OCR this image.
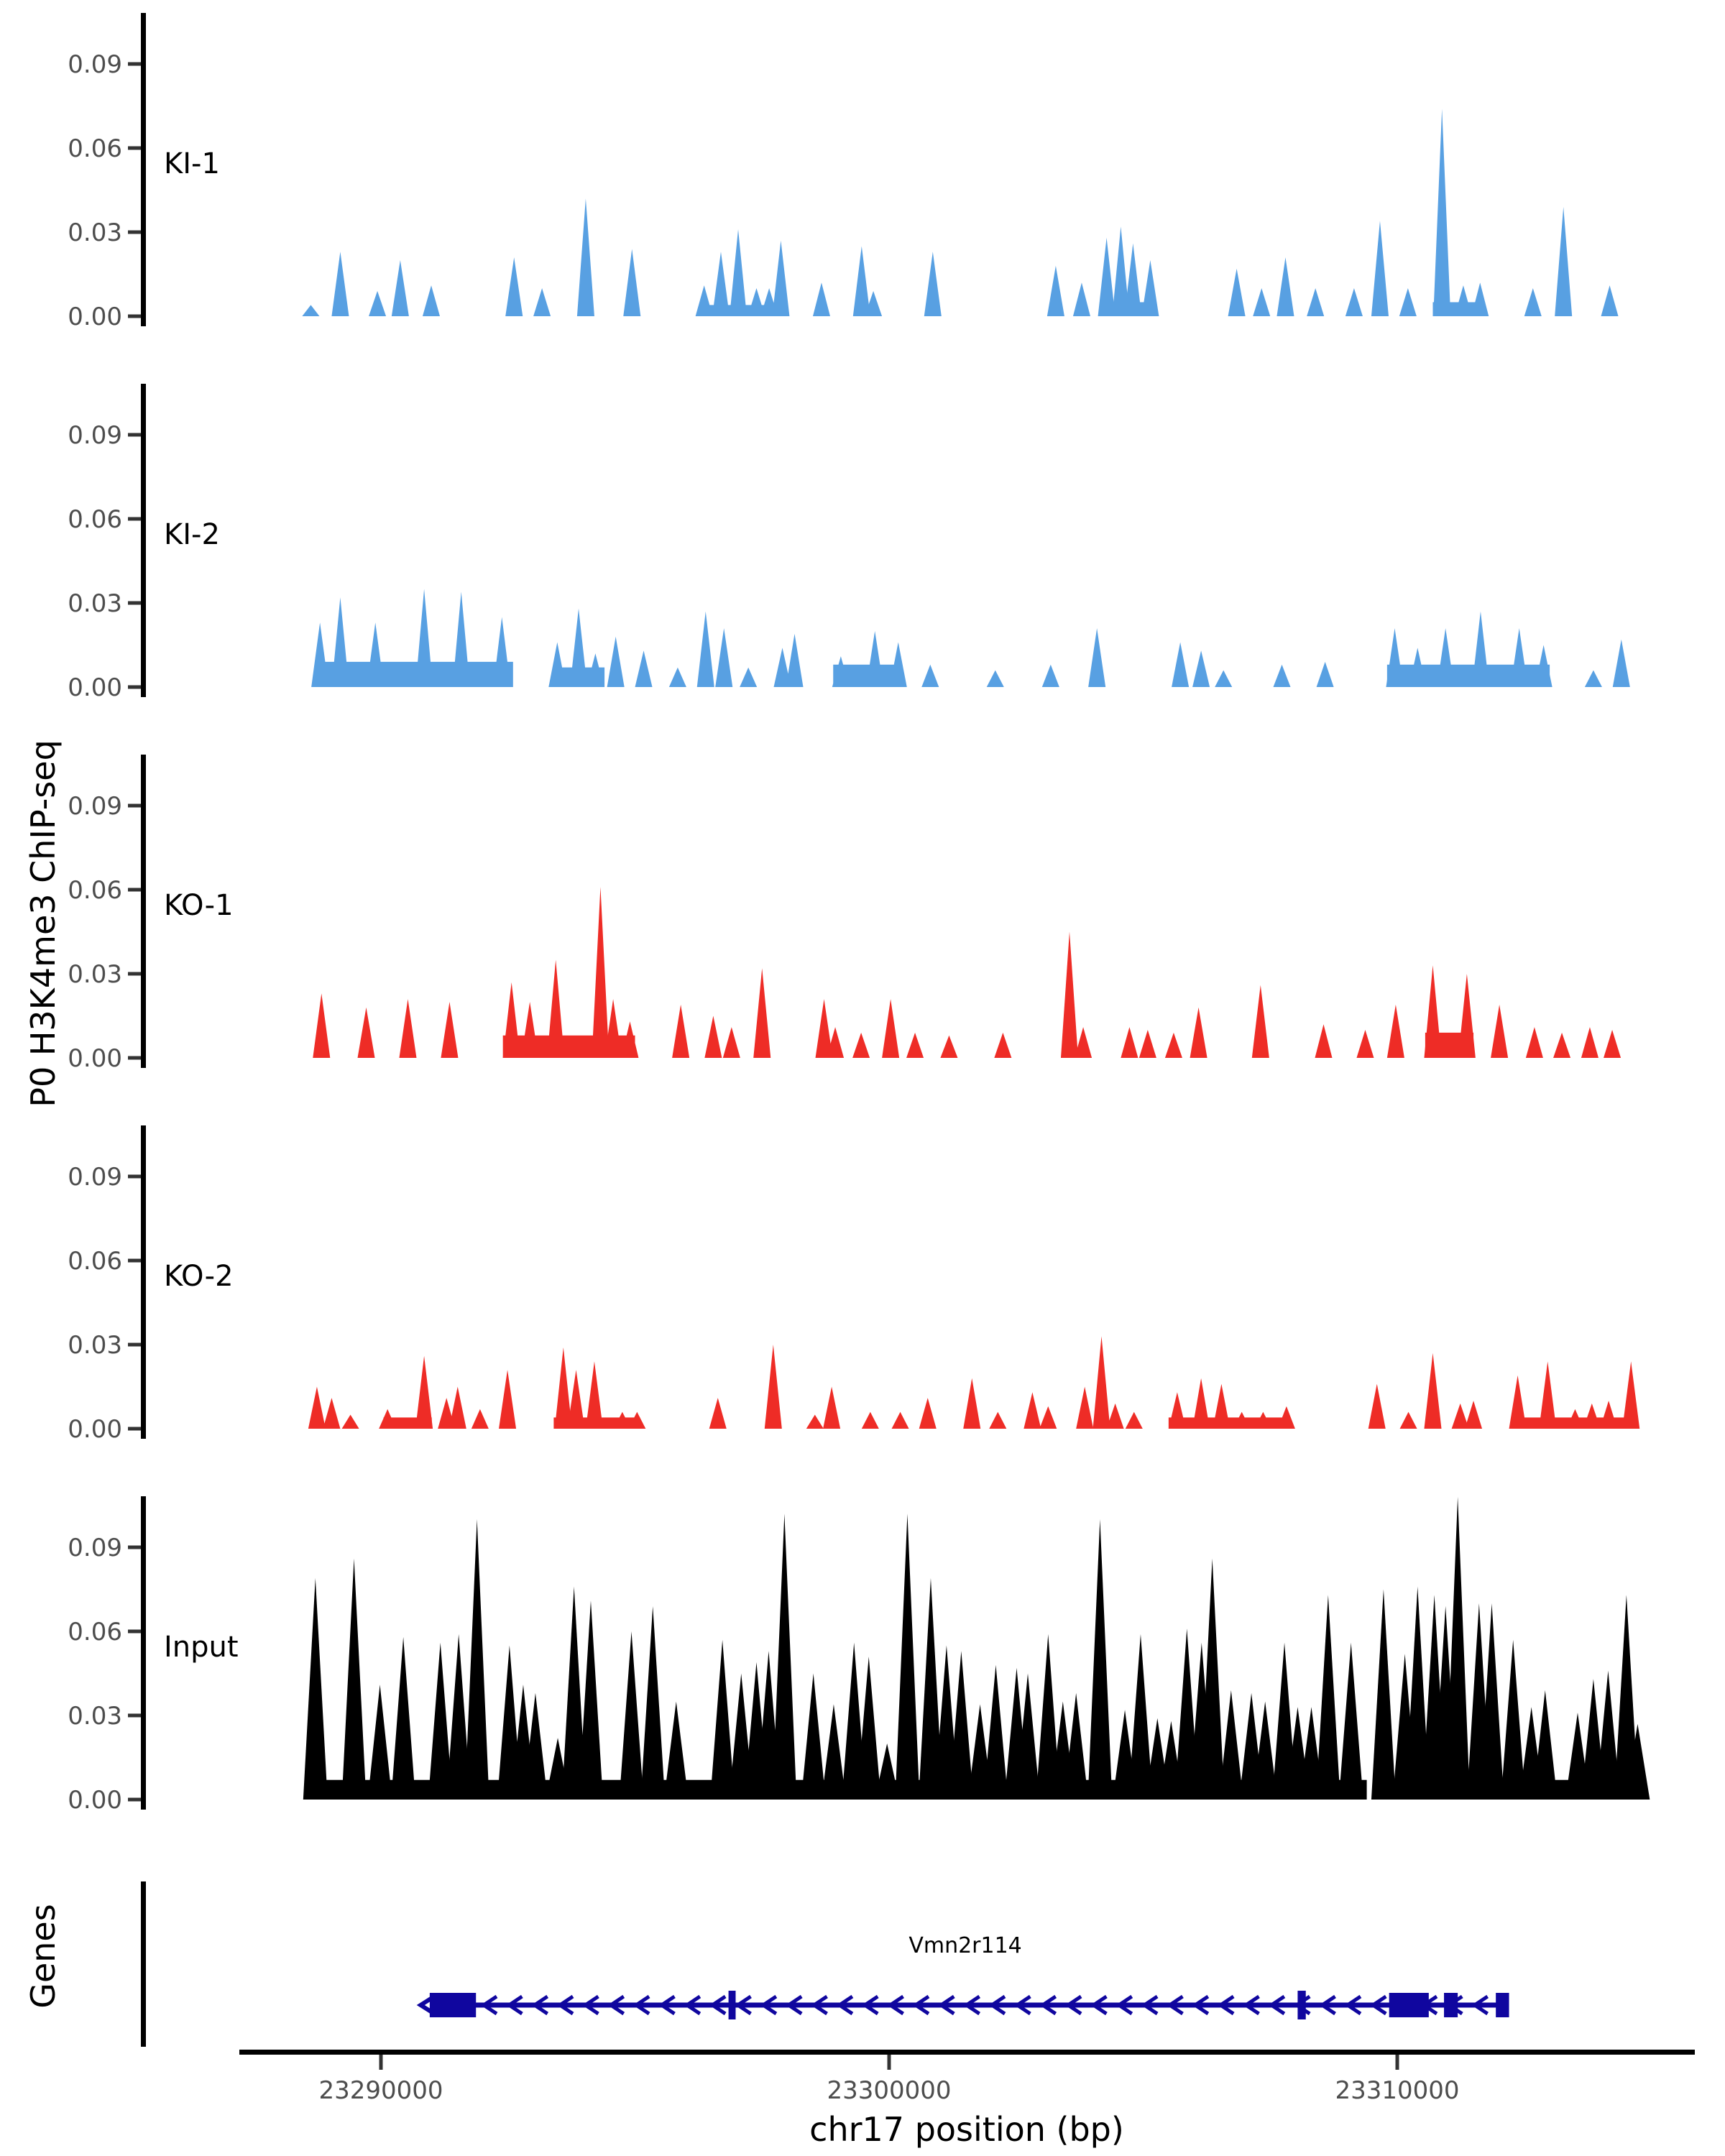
P0 H3K4me3 ChIP-seq
Genes
0.00
0.03
0.06
0.09
KI-1
0.00
0.03
0.06
0.09
KI-2
0.00
0.03
0.06
0.09
KO-1
0.00
0.03
0.06
0.09
KO-2
0.00
0.03
0.06
0.09
Input
Vmn2r114
23290000	23300000	23310000
chr17 position (bp)
